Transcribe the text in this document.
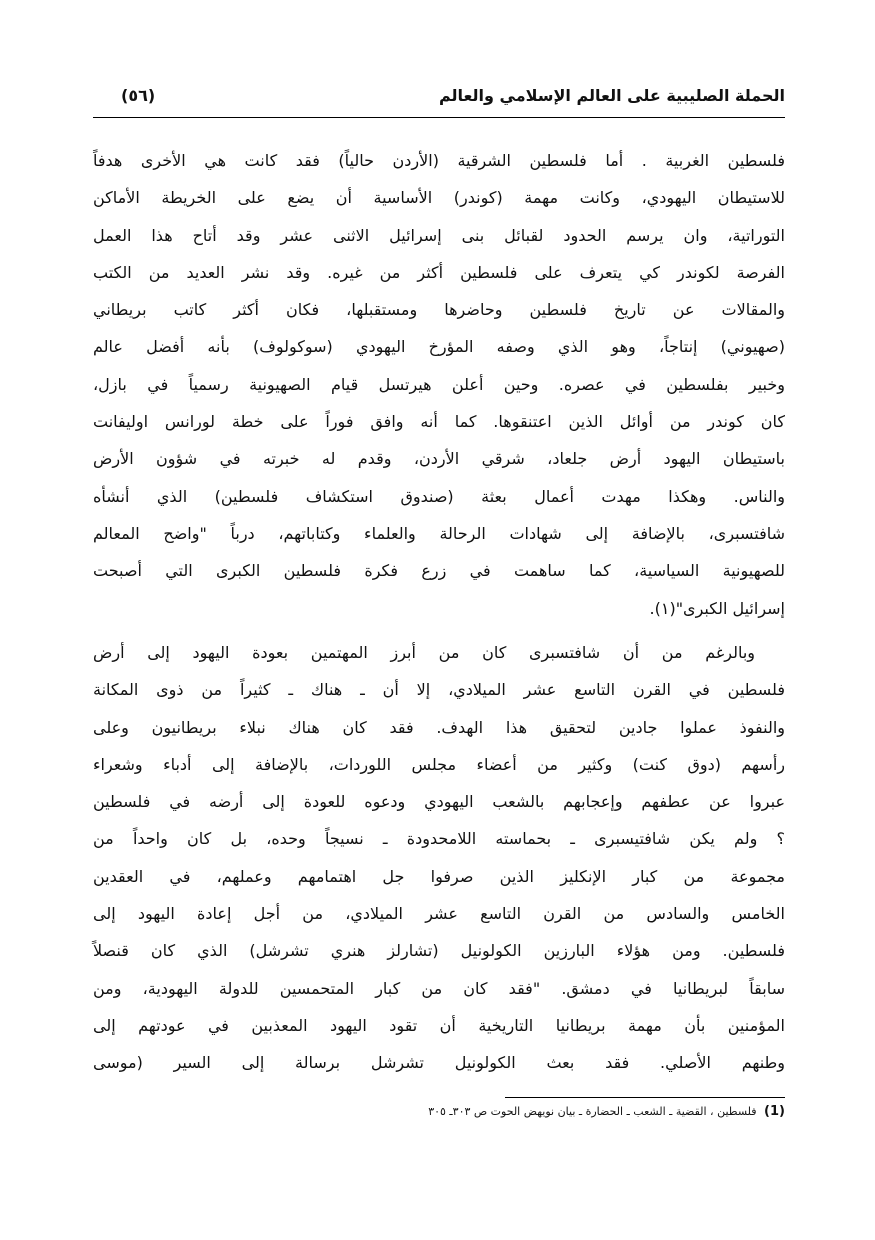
الحملة الصليبية على العالم الإسلامي والعالم
(٥٦)
فلسطين الغربية . أما فلسطين الشرقية (الأردن حالياً) فقد كانت هي الأخرى هدفاً
للاستيطان اليهودي، وكانت مهمة (كوندر) الأساسية أن يضع على الخريطة الأماكن
التوراتية، وان يرسم الحدود لقبائل بنى إسرائيل الاثنى عشر وقد أتاح هذا العمل
الفرصة لكوندر كي يتعرف على فلسطين أكثر من غيره. وقد نشر العديد من الكتب
والمقالات عن تاريخ فلسطين وحاضرها ومستقبلها، فكان أكثر كاتب بريطاني
(صهيوني) إنتاجاً، وهو الذي وصفه المؤرخ اليهودي (سوكولوف) بأنه أفضل عالم
وخبير بفلسطين في عصره. وحين أعلن هيرتسل قيام الصهيونية رسمياً في بازل،
كان كوندر من أوائل الذين اعتنقوها. كما أنه وافق فوراً على خطة لورانس اوليفانت
باستيطان اليهود أرض جلعاد، شرقي الأردن، وقدم له خبرته في شؤون الأرض
والناس. وهكذا مهدت أعمال بعثة (صندوق استكشاف فلسطين) الذي أنشأه
شافتسبرى، بالإضافة إلى شهادات الرحالة والعلماء وكتاباتهم، درباً "واضح المعالم
للصهيونية السياسية، كما ساهمت في زرع فكرة فلسطين الكبرى التي أصبحت
إسرائيل الكبرى"(١).
وبالرغم من أن شافتسبرى كان من أبرز المهتمين بعودة اليهود إلى أرض
فلسطين في القرن التاسع عشر الميلادي، إلا أن ـ هناك ـ كثيراً من ذوى المكانة
والنفوذ عملوا جادين لتحقيق هذا الهدف. فقد كان هناك نبلاء بريطانيون وعلى
رأسهم (دوق كنت) وكثير من أعضاء مجلس اللوردات، بالإضافة إلى أدباء وشعراء
عبروا عن عطفهم وإعجابهم بالشعب اليهودي ودعوه للعودة إلى أرضه في فلسطين
؟ ولم يكن شافتيسبرى ـ بحماسته اللامحدودة ـ نسيجاً وحده، بل كان واحداً من
مجموعة من كبار الإنكليز الذين صرفوا جل اهتمامهم وعملهم، في العقدين
الخامس والسادس من القرن التاسع عشر الميلادي، من أجل إعادة اليهود إلى
فلسطين. ومن هؤلاء البارزين الكولونيل (تشارلز هنري تشرشل) الذي كان قنصلاً
سابقاً لبريطانيا في دمشق. "فقد كان من كبار المتحمسين للدولة اليهودية، ومن
المؤمنين بأن مهمة بريطانيا التاريخية أن تقود اليهود المعذبين في عودتهم إلى
وطنهم الأصلي. فقد بعث الكولونيل تشرشل برسالة إلى السير (موسى
(1) فلسطين ، القضية ـ الشعب ـ الحضارة ـ بيان نويهض الحوت ص ٣٠٣ـ ٣٠٥
